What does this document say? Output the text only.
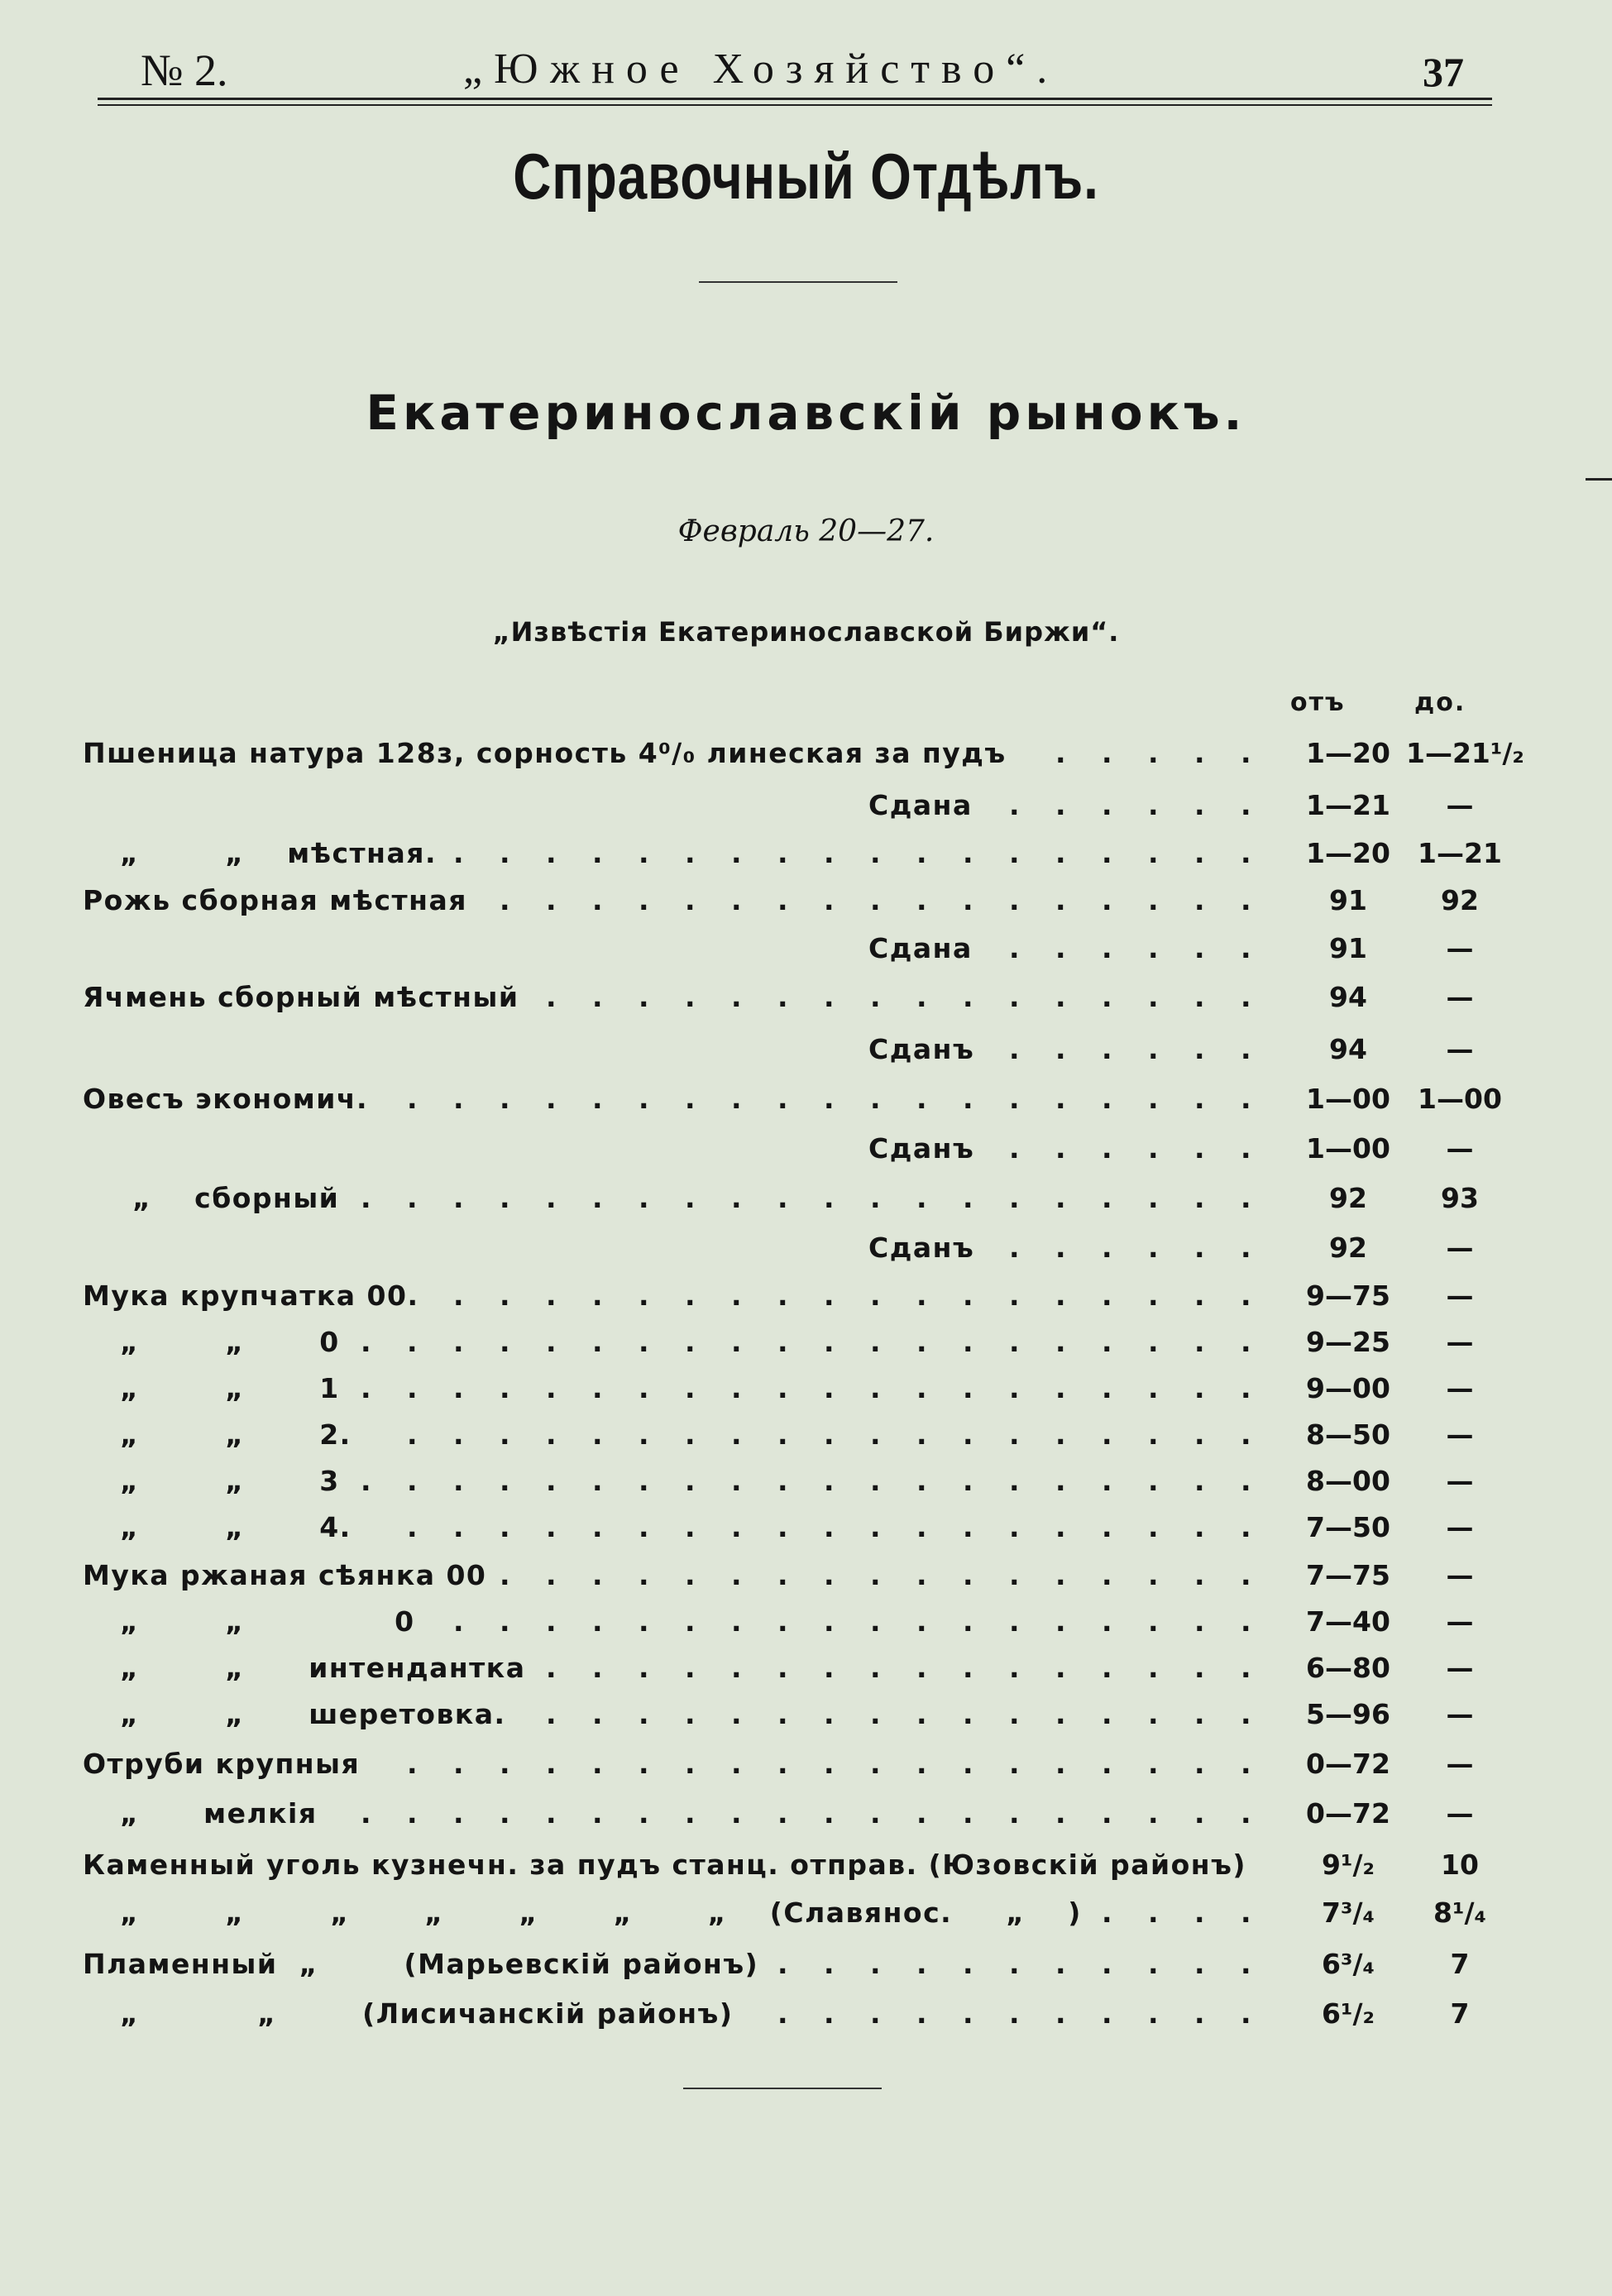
№ 2.	„Южное Хозяйство“.	37
Справочный Отдѣлъ.
Екатеринославскій рынокъ.
Февраль 20—27.
„Извѣстія Екатеринославской Биржи“.
отъ	до.
Пшеница натура 128з, сорность 4⁰/₀ линеская за пудъ	1—20 1—21¹/₂
. . . . .
Сдана	1—21	—
. . . . . .
„        „    мѣстная.	1—20	1—21
. . . . . . . . . . . . . . . . . .
Рожь сборная мѣстная	91	92
. . . . . . . . . . . . . . . . .
Сдана	91	—
. . . . . .
Ячмень сборный мѣстный	94	—
. . . . . . . . . . . . . . . .
Сданъ	94	—
. . . . . .
Овесъ экономич.	1—00	1—00
. . . . . . . . . . . . . . . . . . .
Сданъ	1—00	—
. . . . . .
„    сборный	92	93
. . . . . . . . . . . . . . . . . . . .
Сданъ	92	—
. . . . . .
Мука крупчатка 00.	9—75	—
. . . . . . . . . . . . . . . . . .
„        „       0	9—25	—
. . . . . . . . . . . . . . . . . . . .
„        „       1	9—00	—
. . . . . . . . . . . . . . . . . . . .
„        „       2.	8—50	—
. . . . . . . . . . . . . . . . . . .
„        „       3	8—00	—
. . . . . . . . . . . . . . . . . . . .
„        „       4.	7—50	—
. . . . . . . . . . . . . . . . . . .
Мука ржаная сѣянка 00	7—75	—
. . . . . . . . . . . . . . . . .
„        „              0	7—40	—
. . . . . . . . . . . . . . . . . .
„        „      интендантка	6—80	—
. . . . . . . . . . . . . . . .
„        „      шеретовка.	5—96	—
. . . . . . . . . . . . . . . .
Отруби крупныя	0—72	—
. . . . . . . . . . . . . . . . . . .
„      мелкія	0—72	—
. . . . . . . . . . . . . . . . . . . .
Каменный уголь кузнечн. за пудъ станц. отправ. (Юзовскій районъ)	9¹/₂	10
„        „        „       „       „       „       „    (Славянос.     „    )	7³/₄	8¹/₄
. . . .
Пламенный  „        (Марьевскій районъ)	6³/₄	7
. . . . . . . . . . .
„           „        (Лисичанскій районъ)	6¹/₂	7
. . . . . . . . . . .
